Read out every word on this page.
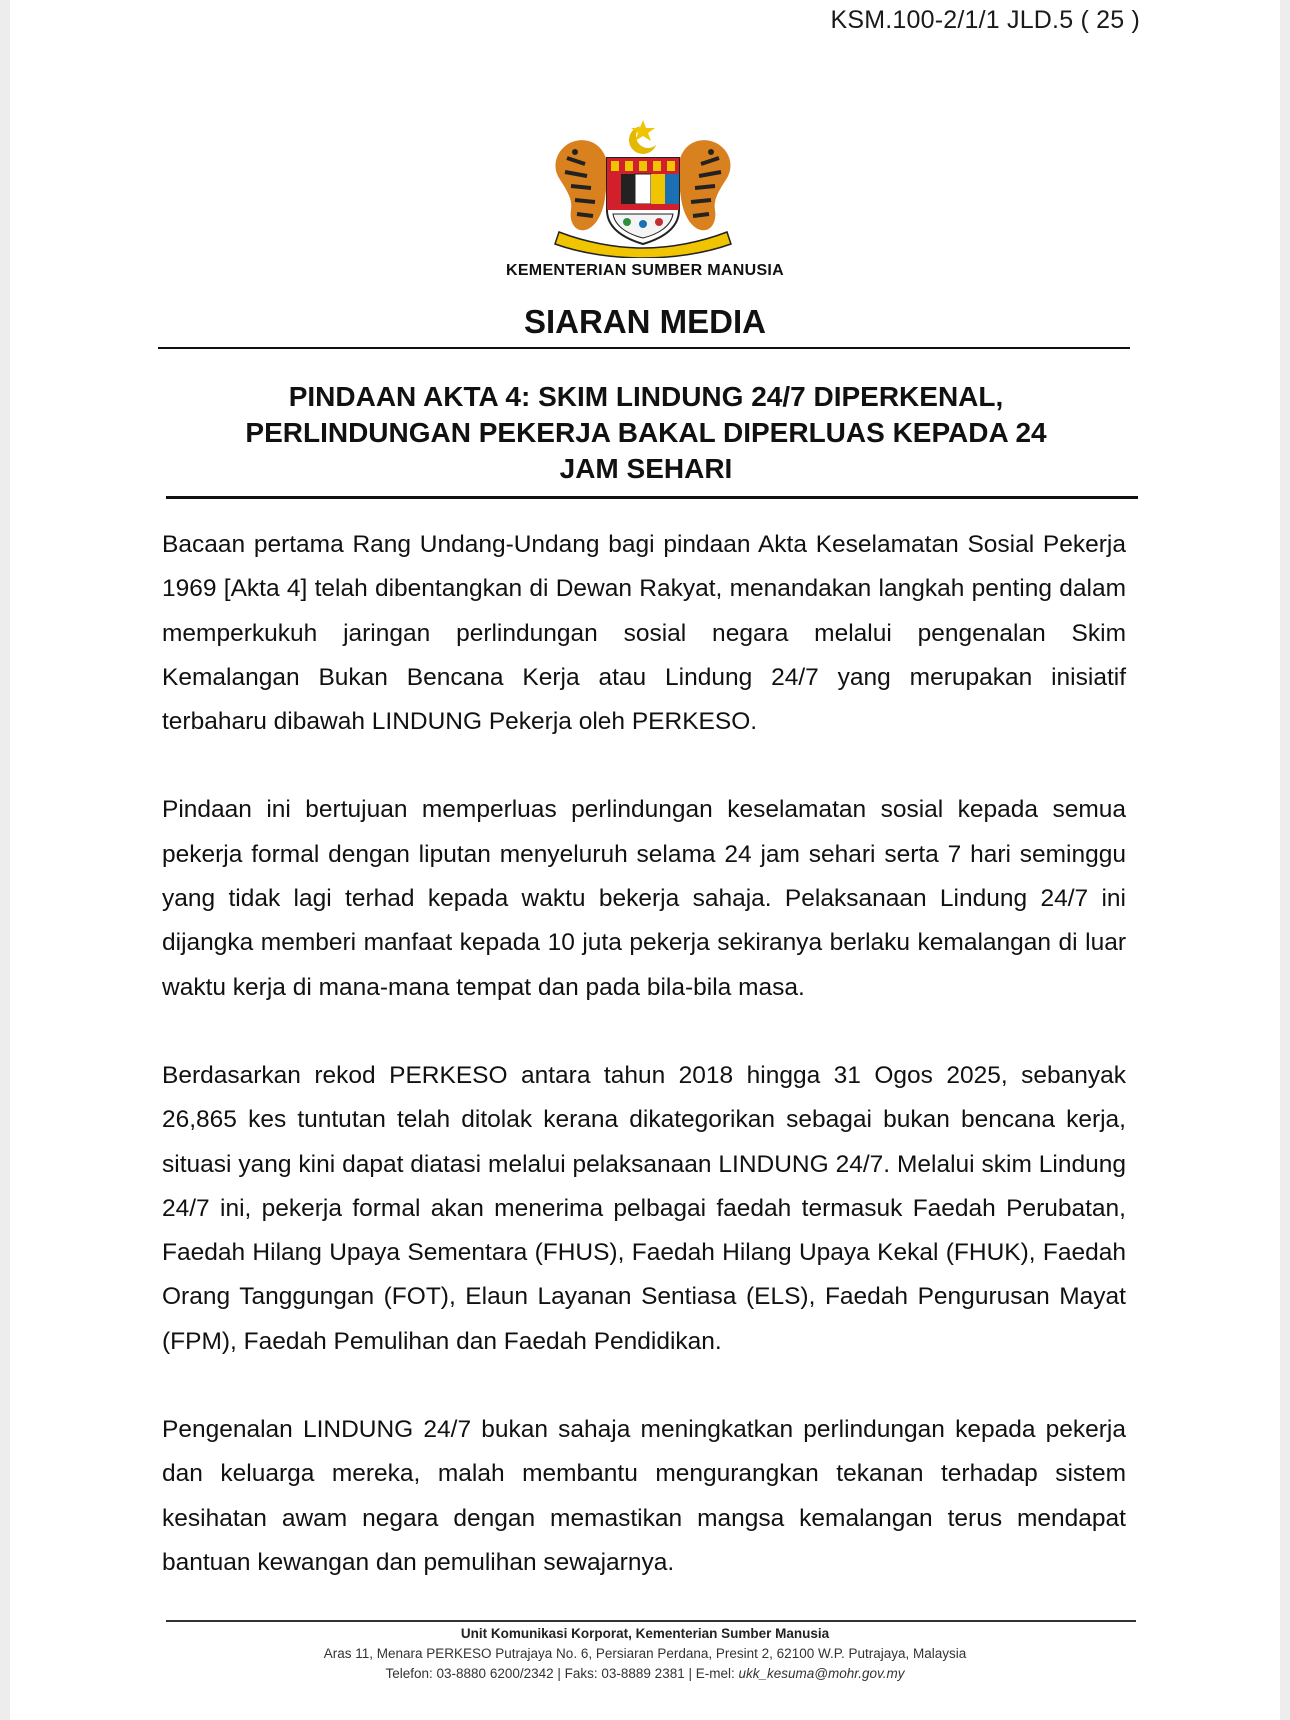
KSM.100-2/1/1 JLD.5 ( 25 )
KEMENTERIAN SUMBER MANUSIA
SIARAN MEDIA
PINDAAN AKTA 4: SKIM LINDUNG 24/7 DIPERKENAL,
PERLINDUNGAN PEKERJA BAKAL DIPERLUAS KEPADA 24
JAM SEHARI

Bacaan pertama Rang Undang-Undang bagi pindaan Akta Keselamatan Sosial Pekerja 1969 [Akta 4] telah dibentangkan di Dewan Rakyat, menandakan langkah penting dalam memperkukuh jaringan perlindungan sosial negara melalui pengenalan Skim Kemalangan Bukan Bencana Kerja atau Lindung 24/7 yang merupakan inisiatif terbaharu dibawah LINDUNG Pekerja oleh PERKESO.

Pindaan ini bertujuan memperluas perlindungan keselamatan sosial kepada semua pekerja formal dengan liputan menyeluruh selama 24 jam sehari serta 7 hari seminggu yang tidak lagi terhad kepada waktu bekerja sahaja. Pelaksanaan Lindung 24/7 ini dijangka memberi manfaat kepada 10 juta pekerja sekiranya berlaku kemalangan di luar waktu kerja di mana-mana tempat dan pada bila-bila masa.

Berdasarkan rekod PERKESO antara tahun 2018 hingga 31 Ogos 2025, sebanyak 26,865 kes tuntutan telah ditolak kerana dikategorikan sebagai bukan bencana kerja, situasi yang kini dapat diatasi melalui pelaksanaan LINDUNG 24/7. Melalui skim Lindung 24/7 ini, pekerja formal akan menerima pelbagai faedah termasuk Faedah Perubatan, Faedah Hilang Upaya Sementara (FHUS), Faedah Hilang Upaya Kekal (FHUK), Faedah Orang Tanggungan (FOT), Elaun Layanan Sentiasa (ELS), Faedah Pengurusan Mayat (FPM), Faedah Pemulihan dan Faedah Pendidikan.

Pengenalan LINDUNG 24/7 bukan sahaja meningkatkan perlindungan kepada pekerja dan keluarga mereka, malah membantu mengurangkan tekanan terhadap sistem kesihatan awam negara dengan memastikan mangsa kemalangan terus mendapat bantuan kewangan dan pemulihan sewajarnya.

Unit Komunikasi Korporat, Kementerian Sumber Manusia
Aras 11, Menara PERKESO Putrajaya No. 6, Persiaran Perdana, Presint 2, 62100 W.P. Putrajaya, Malaysia
Telefon: 03-8880 6200/2342 | Faks: 03-8889 2381 | E-mel: ukk_kesuma@mohr.gov.my
